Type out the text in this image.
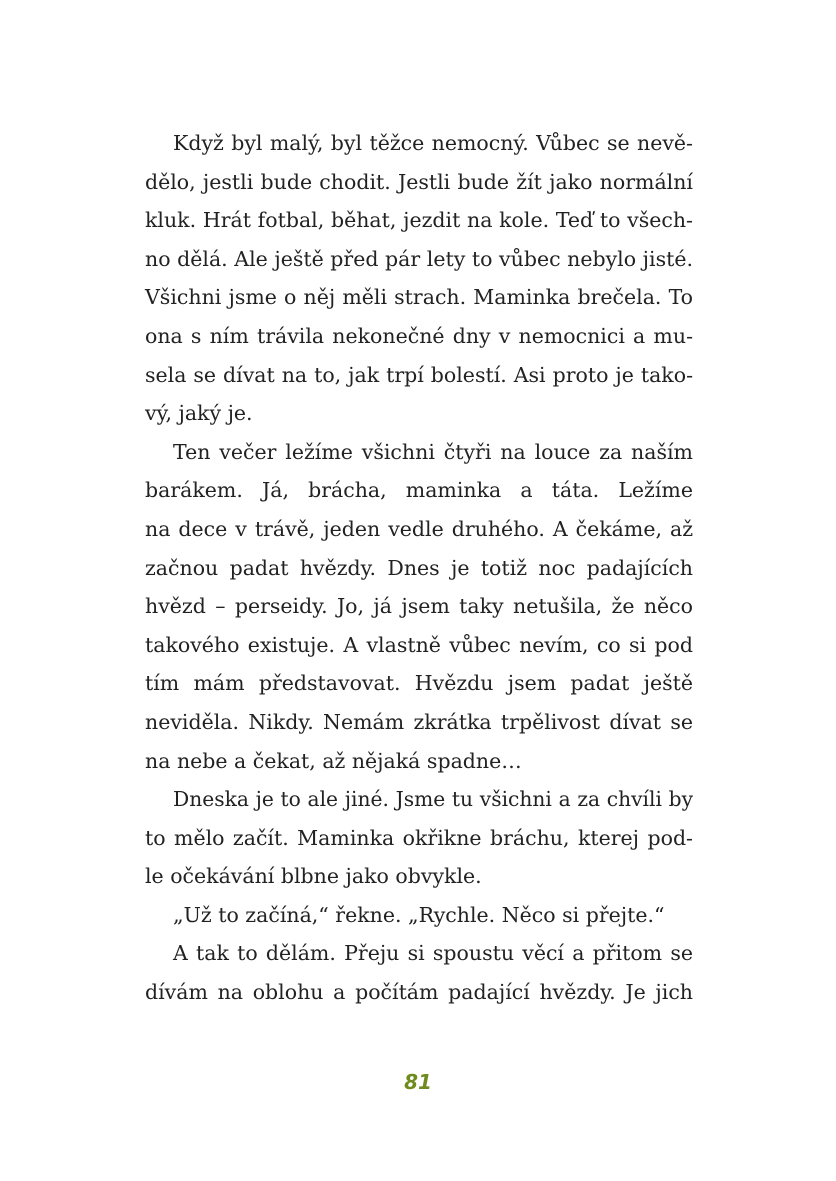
Když byl malý, byl těžce nemocný. Vůbec se nevě-
dělo, jestli bude chodit. Jestli bude žít jako normální
kluk. Hrát fotbal, běhat, jezdit na kole. Teď to všech-
no dělá. Ale ještě před pár lety to vůbec nebylo jisté.
Všichni jsme o něj měli strach. Maminka brečela. To
ona s ním trávila nekonečné dny v nemocnici a mu-
sela se dívat na to, jak trpí bolestí. Asi proto je tako-
vý, jaký je.
Ten večer ležíme všichni čtyři na louce za naším
barákem. Já, brácha, maminka a táta. Ležíme
na dece v trávě, jeden vedle druhého. A čekáme, až
začnou padat hvězdy. Dnes je totiž noc padajících
hvězd – perseidy. Jo, já jsem taky netušila, že něco
takového existuje. A vlastně vůbec nevím, co si pod
tím mám představovat. Hvězdu jsem padat ještě
neviděla. Nikdy. Nemám zkrátka trpělivost dívat se
na nebe a čekat, až nějaká spadne…
Dneska je to ale jiné. Jsme tu všichni a za chvíli by
to mělo začít. Maminka okřikne bráchu, kterej pod-
le očekávání blbne jako obvykle.
„Už to začíná,“ řekne. „Rychle. Něco si přejte.“
A tak to dělám. Přeju si spoustu věcí a přitom se
dívám na oblohu a počítám padající hvězdy. Je jich
81
